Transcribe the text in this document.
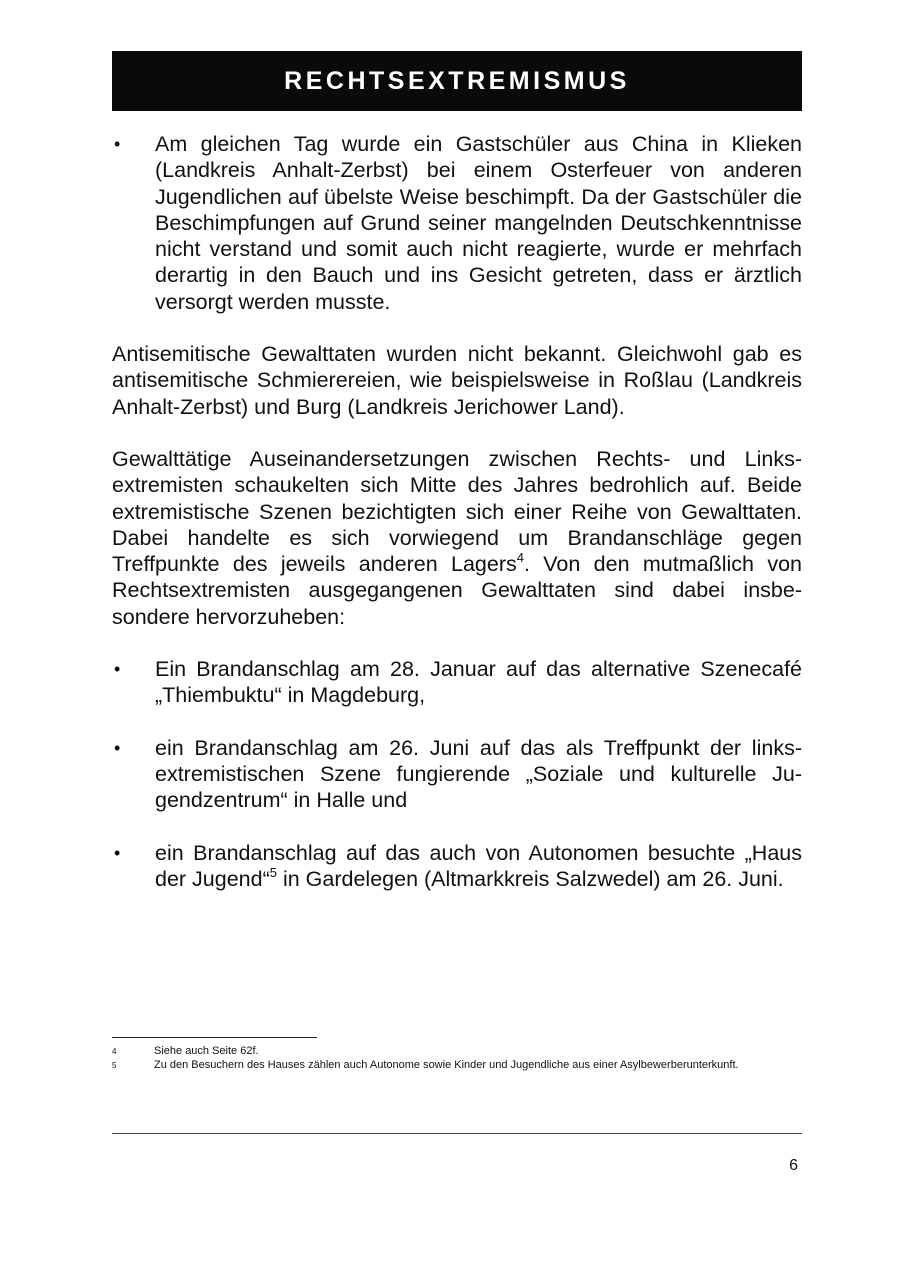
RECHTSEXTREMISMUS
•	Am gleichen Tag wurde ein Gastschüler aus China in Klieken (Landkreis Anhalt-Zerbst) bei einem Osterfeuer von anderen Jugendlichen auf übelste Weise beschimpft. Da der Gastschüler die Beschimpfungen auf Grund seiner mangelnden Deutschkenntnisse nicht verstand und somit auch nicht reagierte, wurde er mehrfach derartig in den Bauch und ins Gesicht getreten, dass er ärztlich versorgt werden musste.

Antisemitische Gewalttaten wurden nicht bekannt. Gleichwohl gab es antisemitische Schmierereien, wie beispielsweise in Roßlau (Landkreis Anhalt-Zerbst) und Burg (Landkreis Jerichower Land).

Gewalttätige Auseinandersetzungen zwischen Rechts- und Linksextremisten schaukelten sich Mitte des Jahres bedrohlich auf. Beide extremistische Szenen bezichtigten sich einer Reihe von Gewalttaten. Dabei handelte es sich vorwiegend um Brandanschläge gegen Treffpunkte des jeweils anderen Lagers$^4$. Von den mutmaßlich von Rechtsextremisten ausgegangenen Gewalttaten sind dabei insbesondere hervorzuheben:

•	Ein Brandanschlag am 28. Januar auf das alternative Szenecafé „Thiembuktu“ in Magdeburg,
•	ein Brandanschlag am 26. Juni auf das als Treffpunkt der linksextremistischen Szene fungierende „Soziale und kulturelle Jugendzentrum“ in Halle und
•	ein Brandanschlag auf das auch von Autonomen besuchte „Haus der Jugend“$^5$ in Gardelegen (Altmarkkreis Salzwedel) am 26. Juni.
4	Siehe auch Seite 62f.
5	Zu den Besuchern des Hauses zählen auch Autonome sowie Kinder und Jugendliche aus einer Asylbewerberunterkunft.
6
